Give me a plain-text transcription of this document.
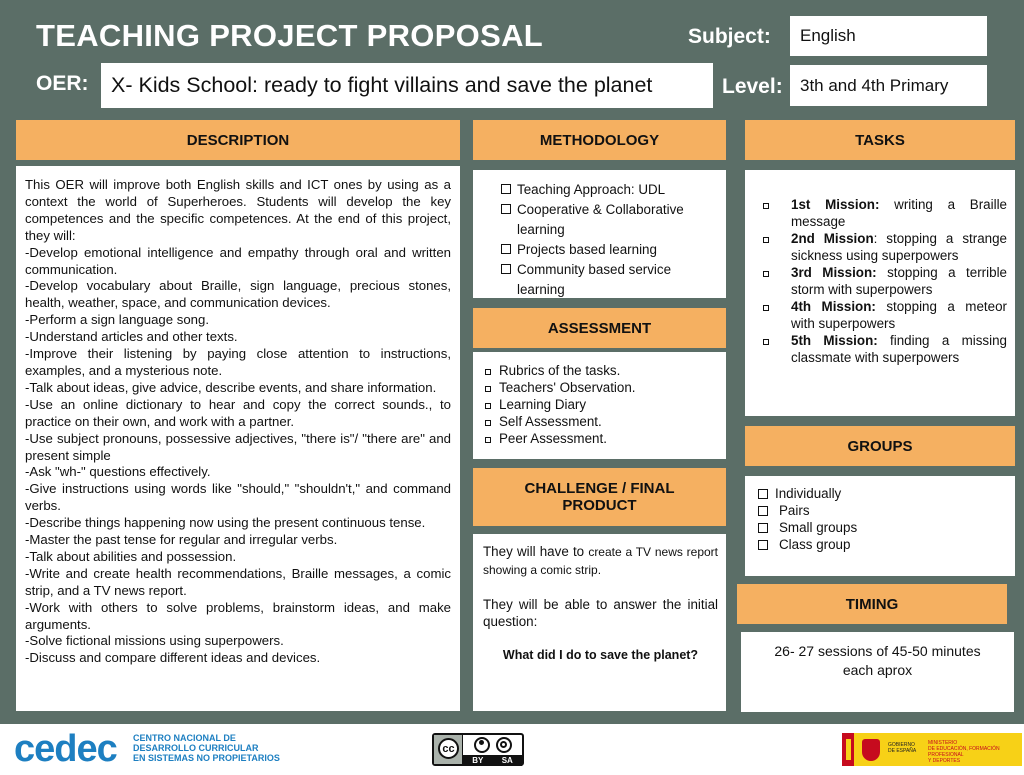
TEACHING PROJECT PROPOSAL	Subject:	English
OER:	X- Kids School: ready to fight villains and save the planet	Level:	3th and 4th Primary
DESCRIPTION

This OER will improve both English skills and ICT ones by using as a context the world of Superheroes. Students will develop the key competences and the specific competences. At the end of this project, they will:

-Develop emotional intelligence and empathy through oral and written communication.

-Develop vocabulary about Braille, sign language, precious stones, health, weather, space, and communication devices.

-Perform a sign language song.

-Understand articles and other texts.

-Improve their listening by paying close attention to instructions, examples, and a mysterious note.

-Talk about ideas, give advice, describe events, and share information.

-Use an online dictionary to hear and copy the correct sounds., to practice on their own, and work with a partner.

-Use subject pronouns, possessive adjectives, "there is"/ "there are" and present simple

-Ask "wh-" questions effectively.

-Give instructions using words like "should," "shouldn't," and command verbs.

-Describe things happening now using the present continuous tense.

-Master the past tense for regular and irregular verbs.

-Talk about abilities and possession.

-Write and create health recommendations, Braille messages, a comic strip, and a TV news report.

-Work with others to solve problems, brainstorm ideas, and make arguments.

-Solve fictional missions using superpowers.

-Discuss and compare different ideas and devices.

METHODOLOGY
Teaching Approach: UDL
Cooperative & Collaborative learning
Projects based learning
Community based service learning
ASSESSMENT
Rubrics of the tasks.
Teachers' Observation.
Learning Diary
Self Assessment.
Peer Assessment.
CHALLENGE / FINAL PRODUCT
They will have to create a TV news report showing a comic strip.
They will be able to answer the initial question:
What did I do to save the planet?
TASKS
1st Mission: writing a Braille message
2nd Mission: stopping a strange sickness using superpowers
3rd Mission: stopping a terrible storm with superpowers
4th Mission: stopping a meteor with superpowers
5th Mission: finding a missing classmate with superpowers
GROUPS
Individually
Pairs
Small groups
Class group
TIMING
26- 27 sessions of 45-50 minutes each aprox
cedec CENTRO NACIONAL DE
DESARROLLO CURRICULAR
EN SISTEMAS NO PROPIETARIOS
cc
BY SA
GOBIERNO
DE ESPAÑA
MINISTERIO
DE EDUCACIÓN, FORMACIÓN PROFESIONAL
Y DEPORTES
